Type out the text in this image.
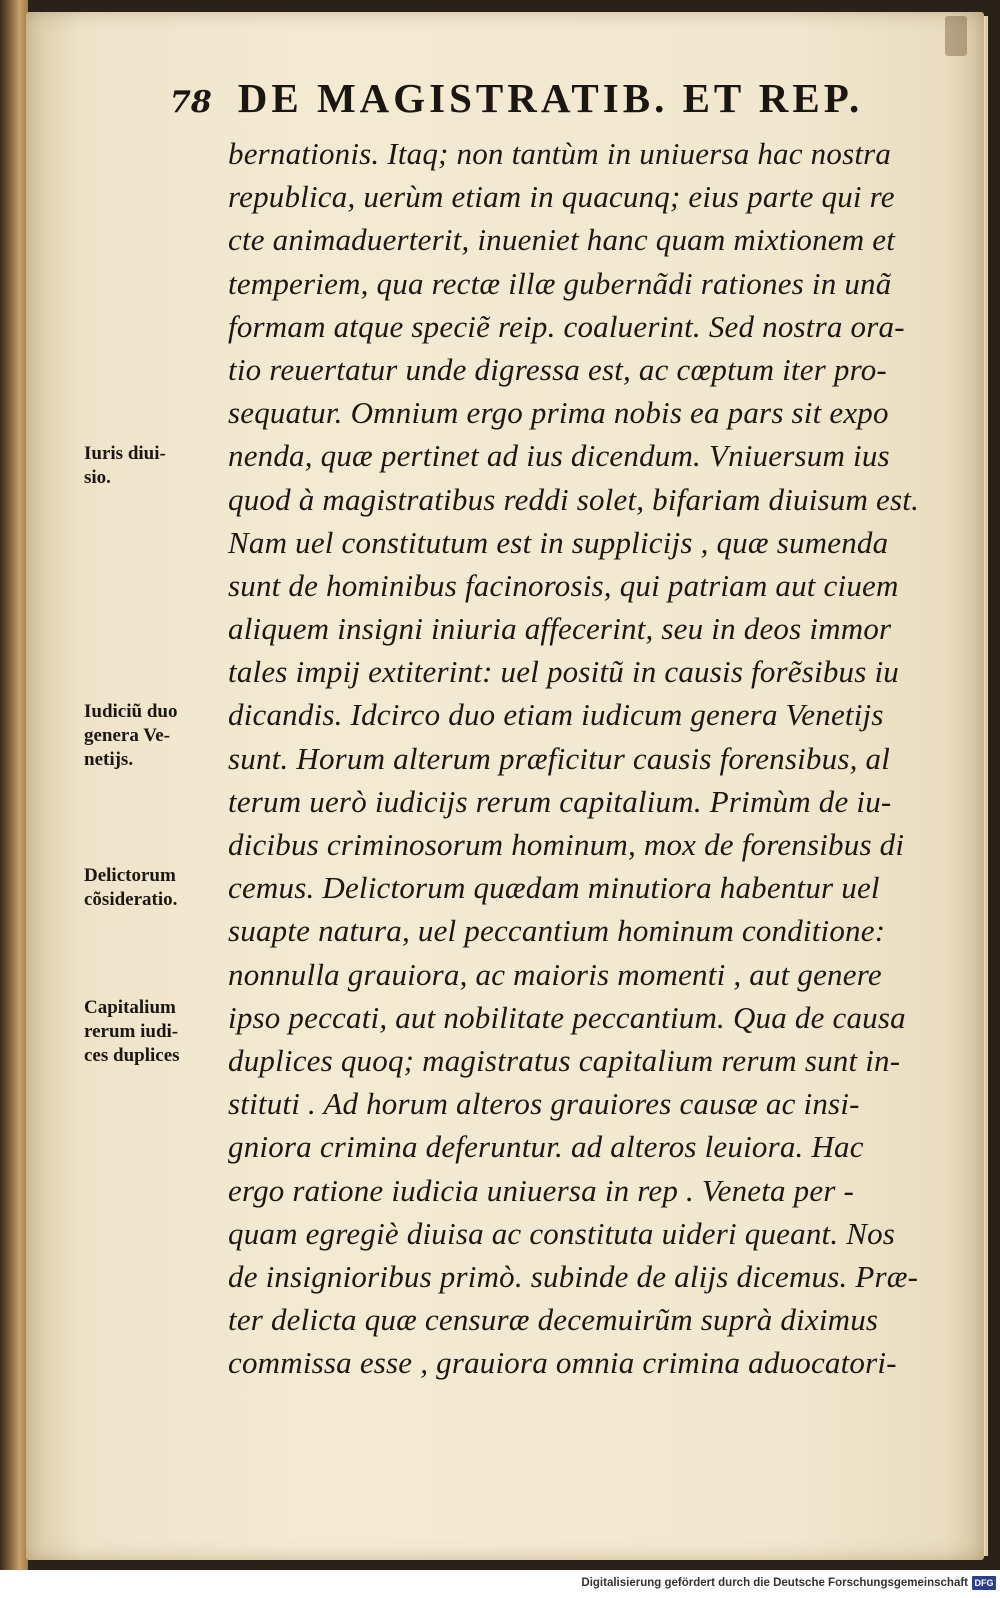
78 DE MAGISTRATIB. ET REP.
Iuris diui-
sio.
Iudiciũ duo
genera Ve-
netijs.
Delictorum
cõsideratio.
Capitalium
rerum iudi-
ces duplices
bernationis. Itaq; non tantùm in uniuersa hac nostra
republica, uerùm etiam in quacunq; eius parte qui re
cte animaduerterit, inueniet hanc quam mixtionem et
temperiem, qua rectæ illæ gubernãdi rationes in unã
formam atque speciẽ reip. coaluerint. Sed nostra ora-
tio reuertatur unde digressa est, ac cœptum iter pro-
sequatur. Omnium ergo prima nobis ea pars sit expo
nenda, quæ pertinet ad ius dicendum. Vniuersum ius
quod à magistratibus reddi solet, bifariam diuisum est.
Nam uel constitutum est in supplicijs , quæ sumenda
sunt de hominibus facinorosis, qui patriam aut ciuem
aliquem insigni iniuria affecerint, seu in deos immor
tales impij extiterint: uel positũ in causis forẽsibus iu
dicandis. Idcirco duo etiam iudicum genera Venetijs
sunt. Horum alterum præficitur causis forensibus, al
terum uerò iudicijs rerum capitalium. Primùm de iu-
dicibus criminosorum hominum, mox de forensibus di
cemus. Delictorum quædam minutiora habentur uel
suapte natura, uel peccantium hominum conditione:
nonnulla grauiora, ac maioris momenti , aut genere
ipso peccati, aut nobilitate peccantium. Qua de causa
duplices quoq; magistratus capitalium rerum sunt in-
stituti . Ad horum alteros grauiores causæ ac insi-
gniora crimina deferuntur. ad alteros leuiora. Hac
ergo ratione iudicia uniuersa in rep . Veneta per -
quam egregiè diuisa ac constituta uideri queant. Nos
de insignioribus primò. subinde de alijs dicemus. Præ-
ter delicta quæ censuræ decemuirũm suprà diximus
commissa esse , grauiora omnia crimina aduocatori-
Digitalisierung gefördert durch die Deutsche Forschungsgemeinschaft DFG
